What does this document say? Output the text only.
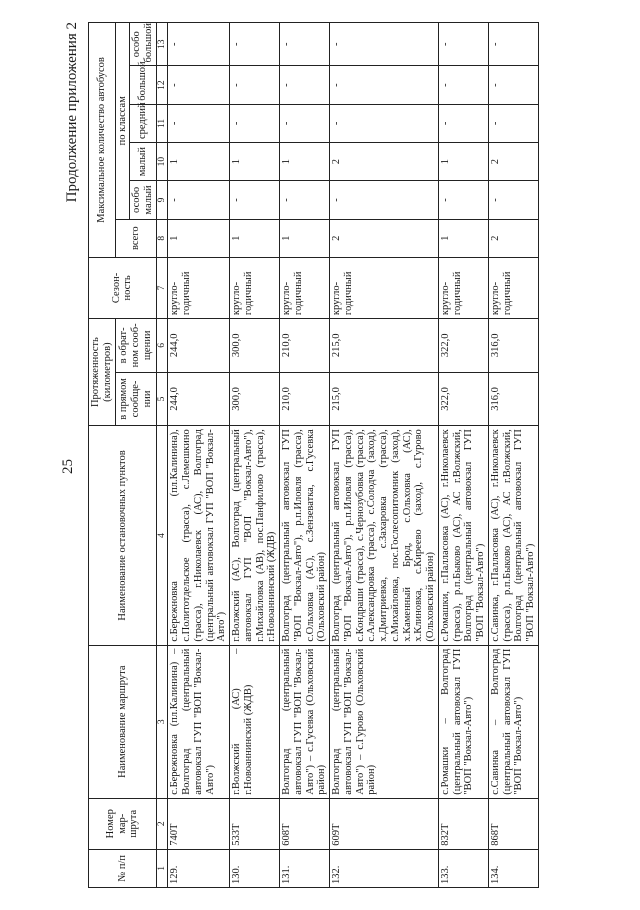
25
Продолжение приложения 2
№ п/п	Номер мар-шрута	Наименование маршрута	Наименование остановочных пунктов	Протяженность (километров)		Сезон-ность	Максимальное количество автобусов					
				в прямом сообще-нии	в обрат-ном сооб-щении		всего	по классам				
								особо малый	малый	средний	большой	особо большой
1	2	3	4	5	6	7	8	9	10	11	12	13
129.	740Т	с.Бережновка (пл.Калинина) – Волгоград (центральный автовокзал ГУП "ВОП "Вокзал-Авто")	с.Бережновка (пл.Калинина), с.Политотдельское (трасса), с.Лемешкино (трасса), г.Николаевск (АС), Волгоград (центральный автовокзал ГУП "ВОП "Вокзал-Авто")	244,0	244,0	кругло-годичный	1	-	1	-	-	-
130.	533Т	г.Волжский (АС) – г.Новоаннинский (ЖДВ)	г.Волжский (АС), Волгоград (центральный автовокзал ГУП "ВОП "Вокзал-Авто"), г.Михайловка (АВ), пос.Панфилово (трасса), г.Новоаннинский (ЖДВ)	300,0	300,0	кругло-годичный	1	-	1	-	-	-
131.	608Т	Волгоград (центральный автовокзал ГУП "ВОП "Вокзал-Авто") – с.Гусевка (Ольховский район)	Волгоград (центральный автовокзал ГУП "ВОП "Вокзал-Авто"), р.п.Иловля (трасса), с.Ольховка (АС), с.Зензеватка, с.Гусевка (Ольховский район)	210,0	210,0	кругло-годичный	1	-	1	-	-	-
132.	609Т	Волгоград (центральный автовокзал ГУП "ВОП "Вокзал-Авто") – с.Гурово (Ольховский район)	Волгоград (центральный автовокзал ГУП "ВОП "Вокзал-Авто"), р.п.Иловля (трасса), с.Кондраши (трасса), с.Чернозубовка (трасса), с.Александровка (трасса), с.Солодча (заход), х.Дмитриевка, с.Захаровка (трасса), с.Михайловка, пос.Гослесопитомник (заход), х.Каменный Брод, с.Ольховка (АС), х.Клиновка, с.Киреево (заход), с.Гурово (Ольховский район)	215,0	215,0	кругло-годичный	2	-	2	-	-	-
133.	832Т	с.Ромашки – Волгоград (центральный автовокзал ГУП "ВОП "Вокзал-Авто")	с.Ромашки, г.Палласовка (АС), г.Николаевск (трасса), р.п.Быково (АС), АС г.Волжский, Волгоград (центральный автовокзал ГУП "ВОП "Вокзал-Авто")	322,0	322,0	кругло-годичный	1	-	1	-	-	-
134.	868Т	с.Савинка – Волгоград (центральный автовокзал ГУП "ВОП "Вокзал-Авто")	с.Савинка, г.Палласовка (АС), г.Николаевск (трасса), р.п.Быково (АС), АС г.Волжский, Волгоград (центральный автовокзал ГУП "ВОП "Вокзал-Авто")	316,0	316,0	кругло-годичный	2	-	2	-	-	-
